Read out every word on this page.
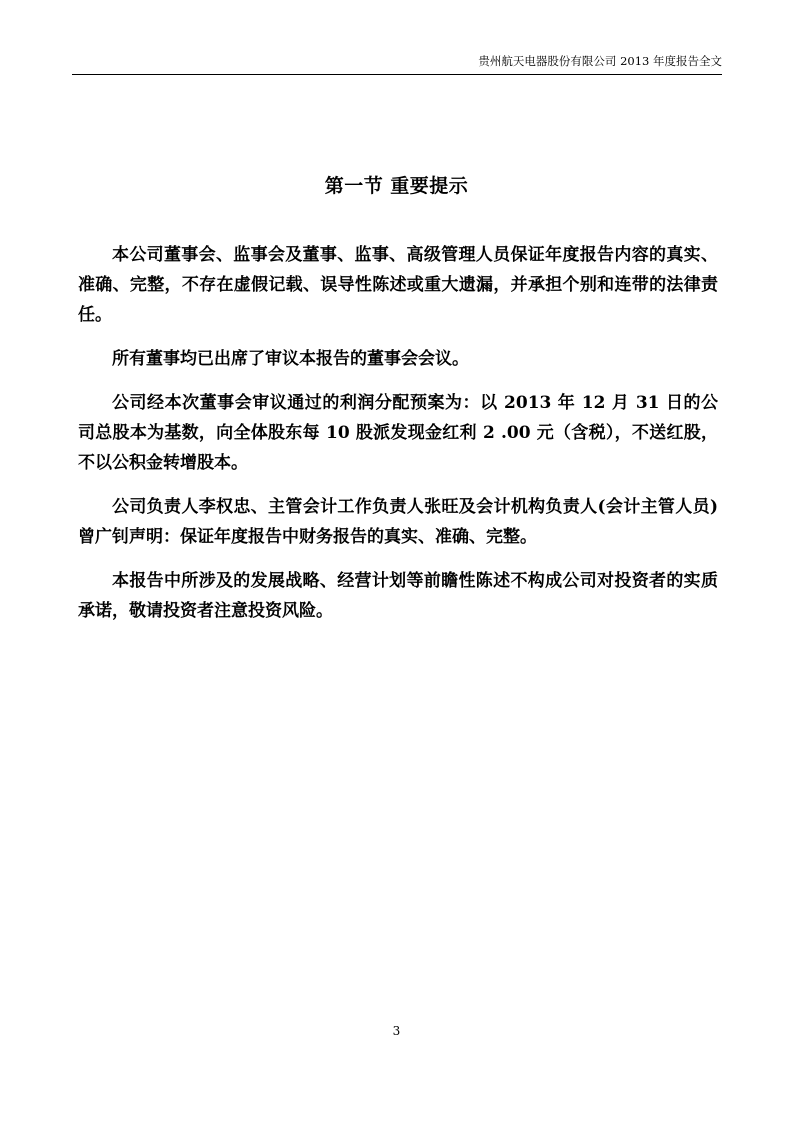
贵州航天电器股份有限公司 2013 年度报告全文
第一节 重要提示

本公司董事会、监事会及董事、监事、高级管理人员保证年度报告内容的真实、准确、完整，不存在虚假记载、误导性陈述或重大遗漏，并承担个别和连带的法律责任。

所有董事均已出席了审议本报告的董事会会议。

公司经本次董事会审议通过的利润分配预案为：以 2013 年 12 月 31 日的公司总股本为基数，向全体股东每 10 股派发现金红利 2 .00 元（含税），不送红股，不以公积金转增股本。

公司负责人李权忠、主管会计工作负责人张旺及会计机构负责人(会计主管人员)曾广钊声明：保证年度报告中财务报告的真实、准确、完整。

本报告中所涉及的发展战略、经营计划等前瞻性陈述不构成公司对投资者的实质承诺，敬请投资者注意投资风险。

3
